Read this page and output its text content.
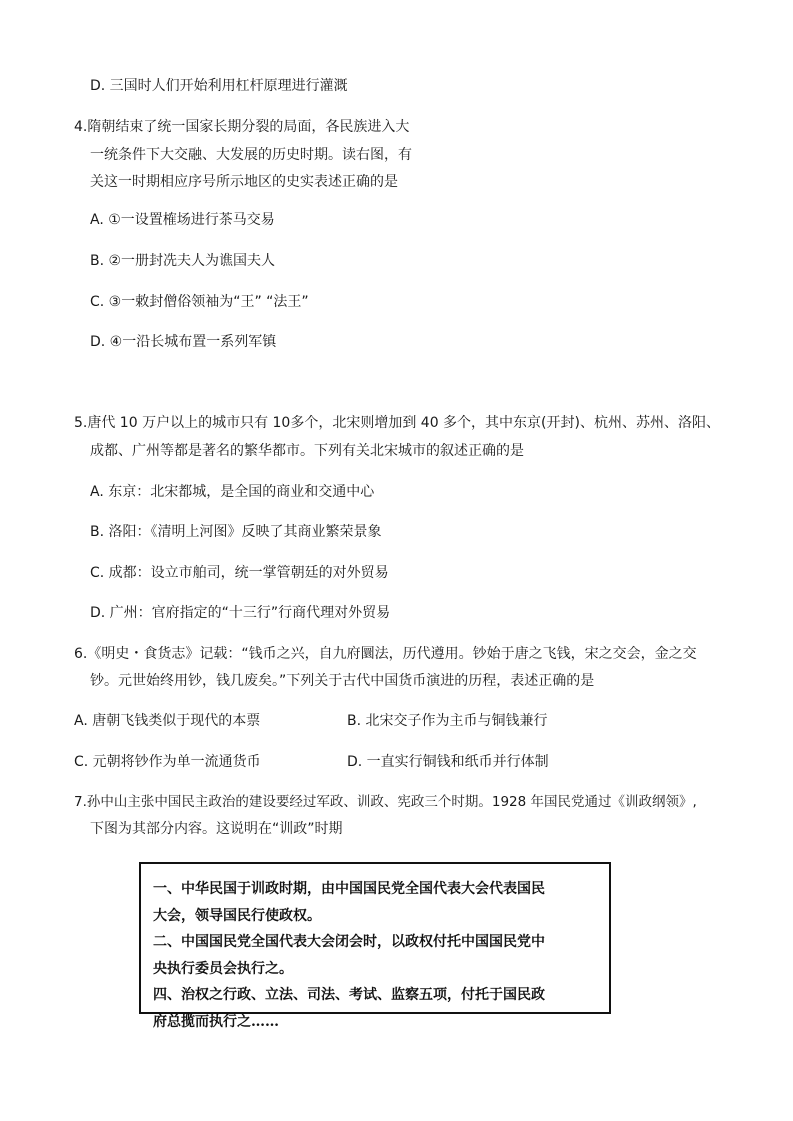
D. 三国时人们开始利用杠杆原理进行灌溉
4.隋朝结束了统一国家长期分裂的局面，各民族进入大
一统条件下大交融、大发展的历史时期。读右图，有
关这一时期相应序号所示地区的史实表述正确的是
A. ①一设置榷场进行茶马交易
B. ②一册封冼夫人为谯国夫人
C. ③一敕封僧俗领袖为“王” “法王”
D. ④一沿长城布置一系列军镇
5.唐代 10 万户以上的城市只有 10多个，北宋则增加到 40 多个，其中东京(开封)、杭州、苏州、洛阳、
成都、广州等都是著名的繁华都市。下列有关北宋城市的叙述正确的是
A. 东京：北宋都城，是全国的商业和交通中心
B. 洛阳：《清明上河图》反映了其商业繁荣景象
C. 成都：设立市舶司，统一掌管朝廷的对外贸易
D. 广州：官府指定的“十三行”行商代理对外贸易
6.《明史・食货志》记载：“钱币之兴，自九府圜法，历代遵用。钞始于唐之飞钱，宋之交会，金之交
钞。元世始终用钞，钱几废矣。”下列关于古代中国货币演进的历程，表述正确的是
A. 唐朝飞钱类似于现代的本票	B. 北宋交子作为主币与铜钱兼行
C. 元朝将钞作为单一流通货币	D. 一直实行铜钱和纸币并行体制
7.孙中山主张中国民主政治的建设要经过军政、训政、宪政三个时期。1928 年国民党通过《训政纲领》,
下图为其部分内容。这说明在“训政”时期
一、中华民国于训政时期，由中国国民党全国代表大会代表国民
大会，领导国民行使政权。
二、中国国民党全国代表大会闭会时，以政权付托中国国民党中
央执行委员会执行之。
四、治权之行政、立法、司法、考试、监察五项，付托于国民政
府总揽而执行之……
